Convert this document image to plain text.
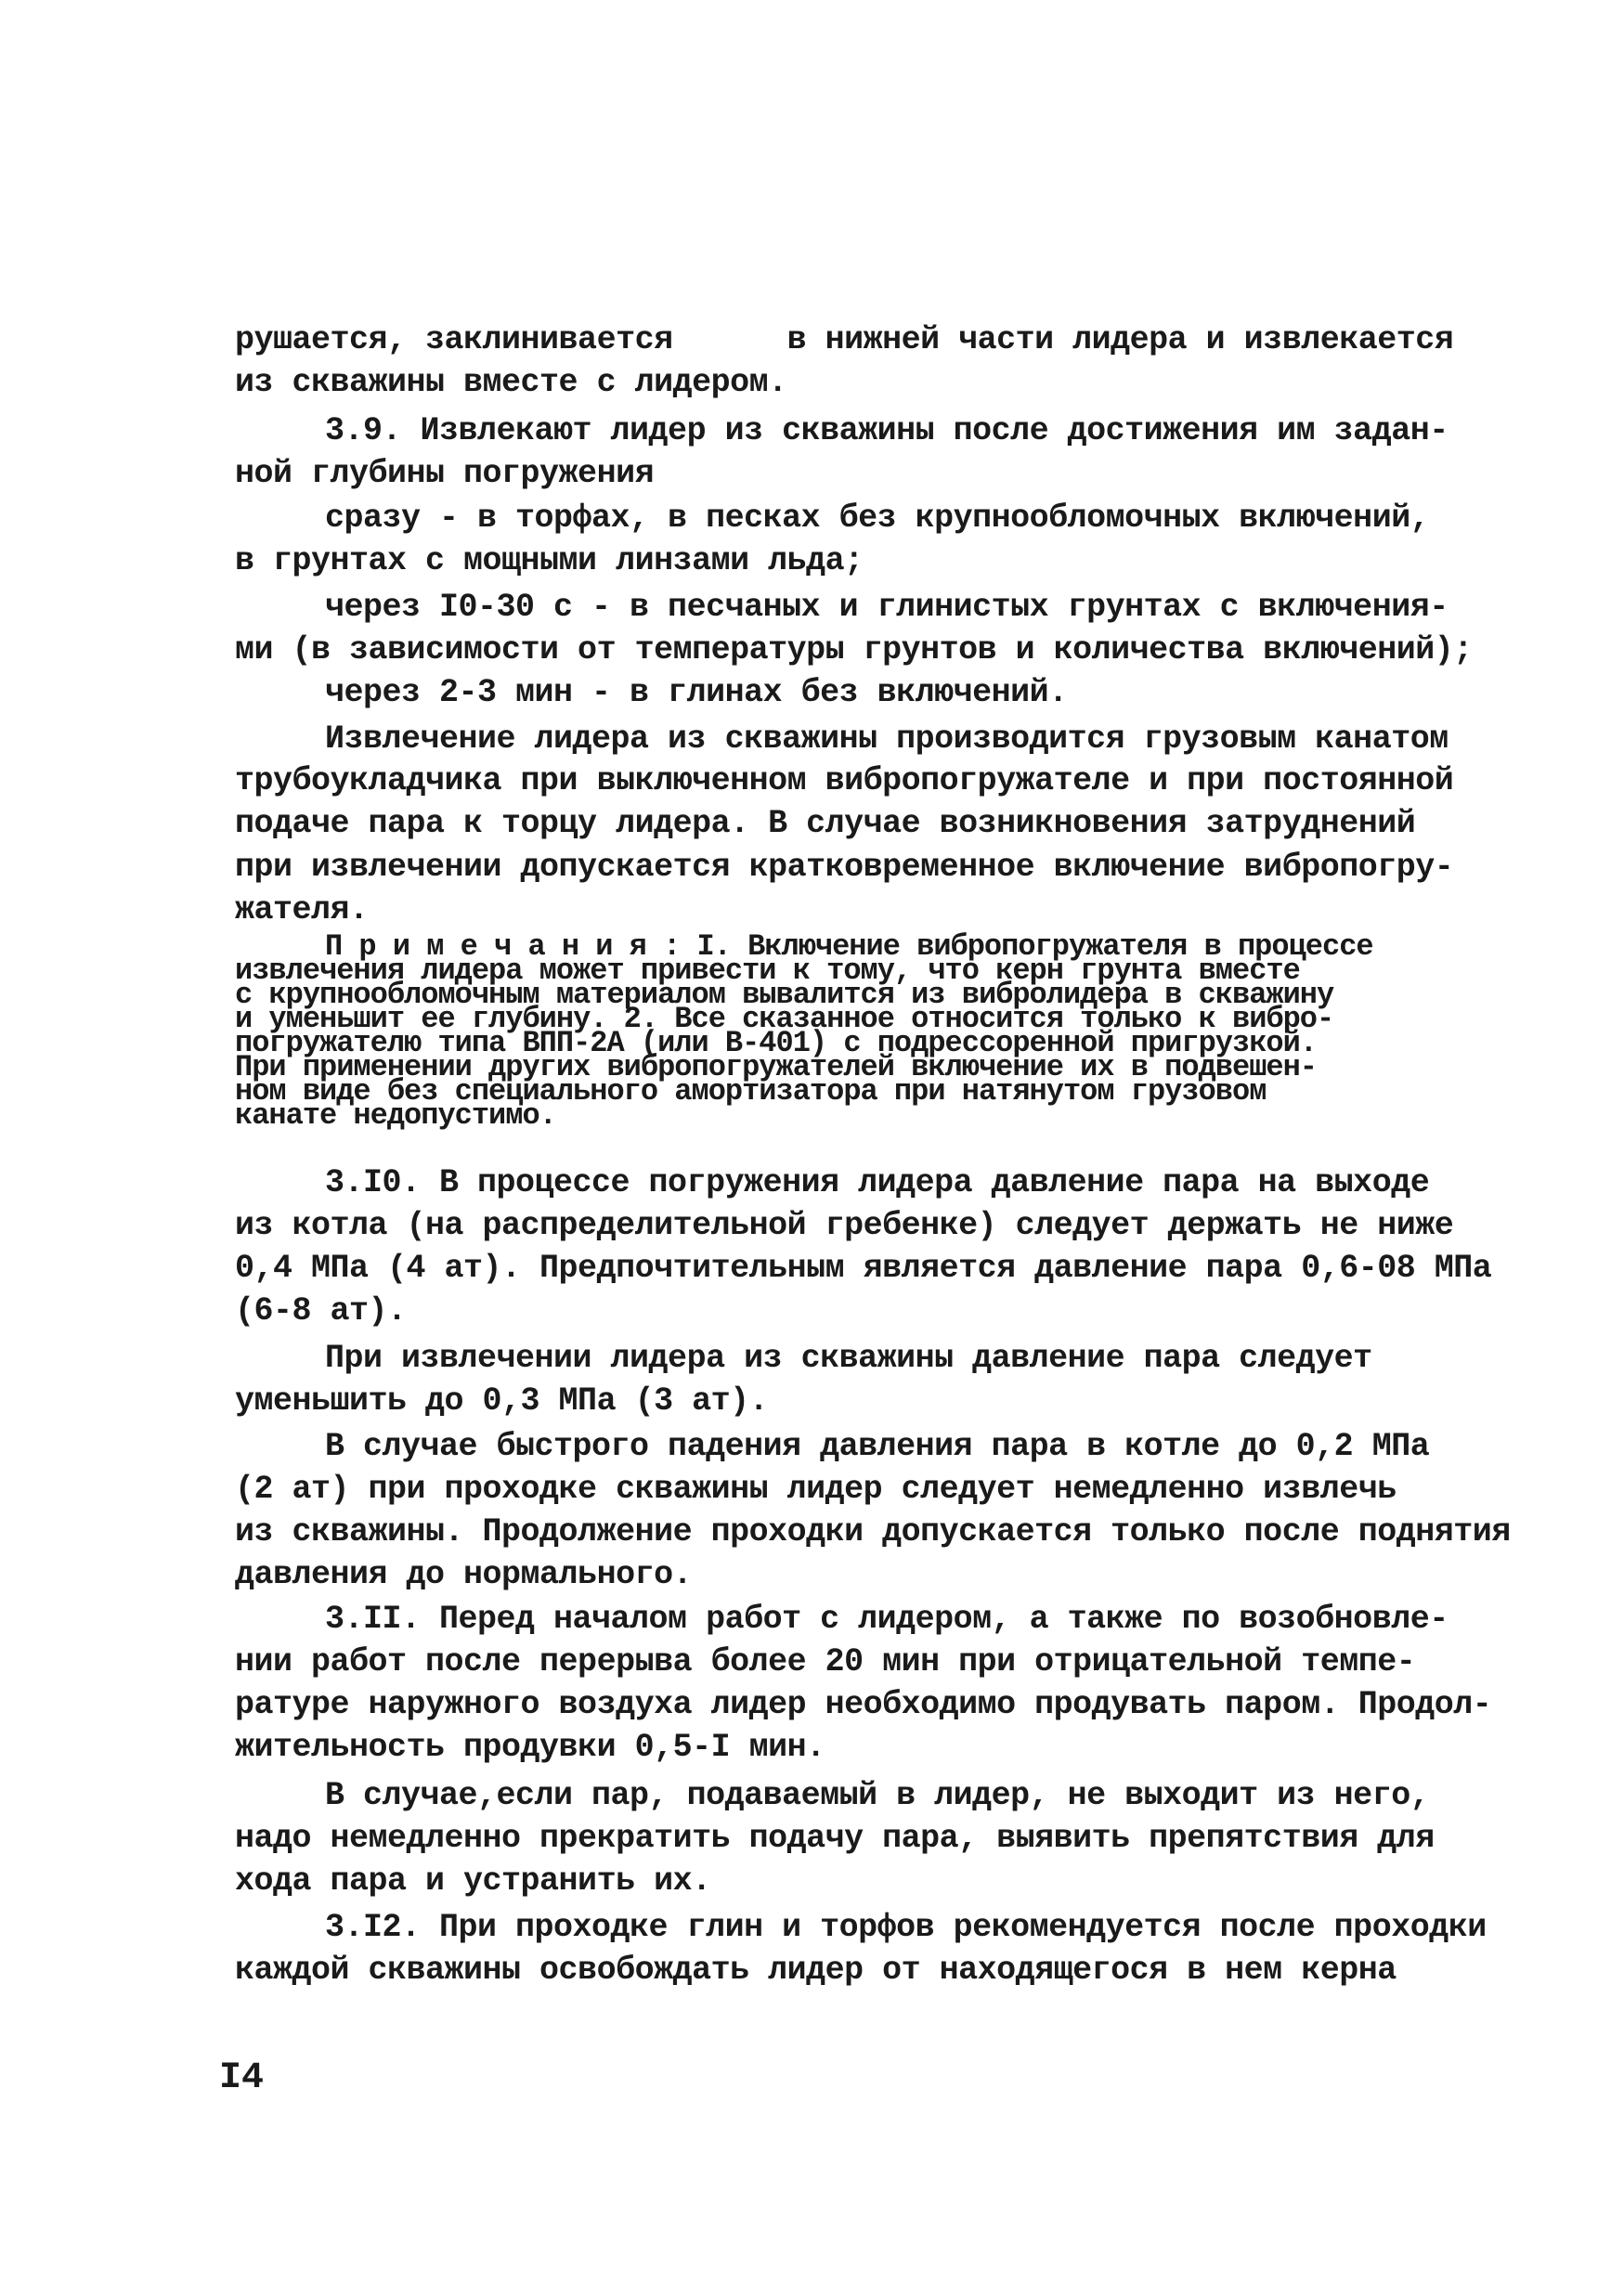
рушается, заклинивается      в нижней части лидера и извлекается
из скважины вместе с лидером.
3.9. Извлекают лидер из скважины после достижения им задан-
ной глубины погружения
сразу - в торфах, в песках без крупнообломочных включений,
в грунтах с мощными линзами льда;
через I0-30 с - в песчаных и глинистых грунтах с включения-
ми (в зависимости от температуры грунтов и количества включений);
через 2-3 мин - в глинах без включений.
Извлечение лидера из скважины производится грузовым канатом
трубоукладчика при выключенном вибропогружателе и при постоянной
подаче пара к торцу лидера. В случае возникновения затруднений
при извлечении допускается кратковременное включение вибропогру-
жателя.
П р и м е ч а н и я : I. Включение вибропогружателя в процессе
извлечения лидера может привести к тому, что керн грунта вместе
с крупнообломочным материалом вывалится из вибролидера в скважину
и уменьшит ее глубину. 2. Все сказанное относится только к вибро-
погружателю типа ВПП-2А (или В-401) с подрессоренной пригрузкой.
При применении других вибропогружателей включение их в подвешен-
ном виде без специального амортизатора при натянутом грузовом
канате недопустимо.
3.I0. В процессе погружения лидера давление пара на выходе
из котла (на распределительной гребенке) следует держать не ниже
0,4 МПа (4 ат). Предпочтительным является давление пара 0,6-08 МПа
(6-8 ат).
При извлечении лидера из скважины давление пара следует
уменьшить до 0,3 МПа (3 ат).
В случае быстрого падения давления пара в котле до 0,2 МПа
(2 ат) при проходке скважины лидер следует немедленно извлечь
из скважины. Продолжение проходки допускается только после поднятия
давления до нормального.
3.II. Перед началом работ с лидером, а также по возобновле-
нии работ после перерыва более 20 мин при отрицательной темпе-
ратуре наружного воздуха лидер необходимо продувать паром. Продол-
жительность продувки 0,5-I мин.
В случае,если пар, подаваемый в лидер, не выходит из него,
надо немедленно прекратить подачу пара, выявить препятствия для
хода пара и устранить их.
3.I2. При проходке глин и торфов рекомендуется после проходки
каждой скважины освобождать лидер от находящегося в нем керна
I4
